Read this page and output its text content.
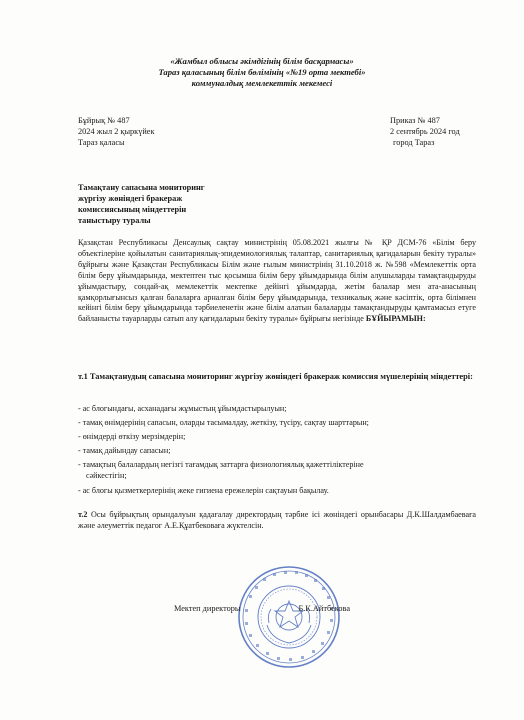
«Жамбыл облысы әкімдігінің білім басқармасы»
Тараз қаласының білім бөлімінің «№19 орта мектебі»
коммуналдық мемлекеттік мекемесі
Бұйрық № 487
2024 жыл 2 қыркүйек
Тараз қаласы
Приказ № 487
2 сентябрь 2024 год
город Тараз
Тамақтану сапасына мониторинг
жүргізу жөніндегі бракераж
комиссиясының міндеттерін
таныстыру туралы
Қазақстан Республикасы Денсаулық сақтау министрінің 05.08.2021 жылғы № ҚР ДСМ-76 «Білім беру объектілеріне қойылатын санитариялық-эпидемиологиялық талаптар, санитариялық қағидаларын бекіту туралы» бұйрығы және Қазақстан Республикасы Білім және ғылым министрінің 31.10.2018 ж. №598 «Мемлекеттік орта білім беру ұйымдарында, мектептен тыс қосымша білім беру ұйымдарында білім алушыларды тамақтандыруды ұйымдастыру, сондай-ақ мемлекеттік мектепке дейінгі ұйымдарда, жетім балалар мен ата-анасының қамқорлығынсыз қалған балаларға арналған білім беру ұйымдарында, техникалық және кәсіптік, орта білімнен кейінгі білім беру ұйымдарында тәрбиеленетін және білім алатын балаларды тамақтандыруды қамтамасыз етуге байланысты тауарларды сатып алу қағидаларын бекіту туралы» бұйрығы негізінде БҰЙЫРАМЫН:
т.1 Тамақтанудың сапасына мониторинг жүргізу жөніндегі бракераж комиссия мүшелерінің міндеттері:
- ас блогындағы, асханадағы жұмыстың ұйымдастырылуын;
- тамақ өнімдерінің сапасын, оларды тасымалдау, жеткізу, түсіру, сақтау шарттарын;
- өнімдерді өткізу мерзімдерін;
- тамақ дайындау сапасын;
- тамақтың балалардың негізгі тағамдық заттарға физиологиялық қажеттіліктеріне
сәйкестігін;
- ас блогы қызметкерлерінің жеке гигиена ережелерін сақтауын бақылау.
т.2 Осы бұйрықтың орындалуын қадағалау директордың тәрбие ісі жөніндегі орынбасары Д.К.Шалдамбаевағa және әлеуметтік педагог А.Е.Құатбековаға жүктелсін.
Мектеп директоры	Б.К.Айтбекова
